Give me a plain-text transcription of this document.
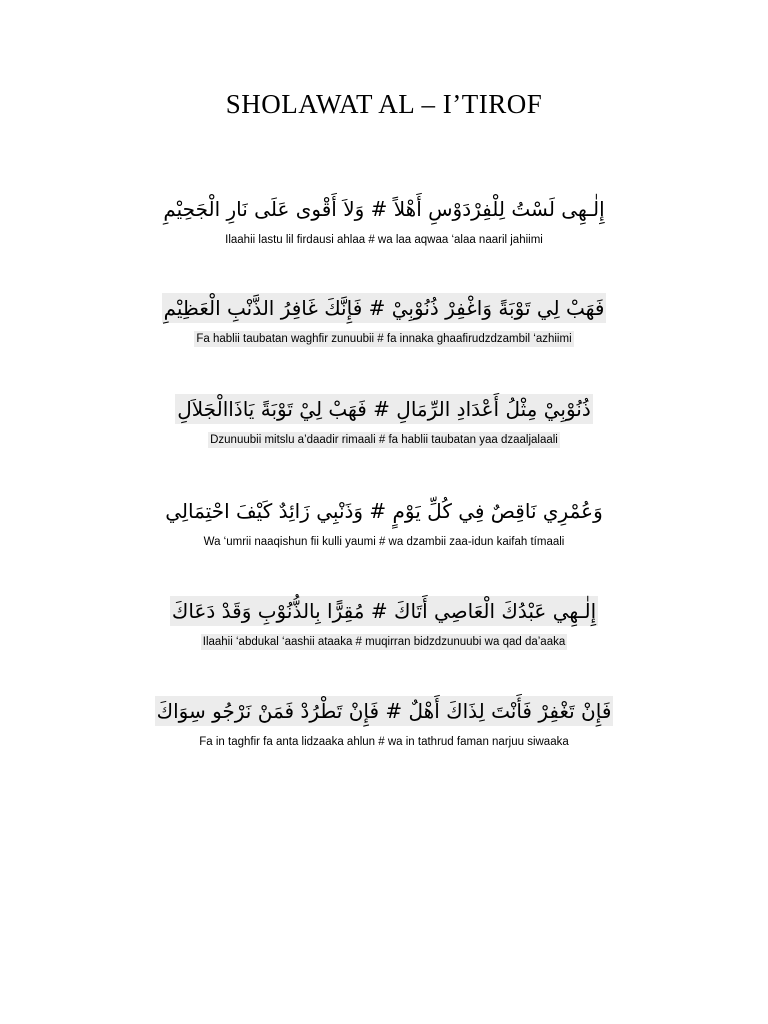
SHOLAWAT AL – I’TIROF
إِلٰـهِى لَسْتُ لِلْفِرْدَوْسِ أَهْلاً # وَلاَ أَقْوى عَلَى نَارِ الْجَحِيْمِ
Ilaahii lastu lil firdausi ahlaa # wa laa aqwaa ‘alaa naaril jahiimi
فَهَبْ لِي تَوْبَةً وَاغْفِرْ ذُنُوْبِيْ # فَإِنَّكَ غَافِرُ الذَّنْبِ الْعَظِيْمِ
Fa hablii taubatan waghfir zunuubii # fa innaka ghaafirudzdzambil ‘azhiimi
ذُنُوْبِيْ مِثْلُ أَعْدَادِ الرِّمَالِ # فَهَبْ لِيْ تَوْبَةً يَاذَاالْجَلاَلِ
Dzunuubii mitslu a’daadir rimaali # fa hablii taubatan yaa dzaaljalaali
وَعُمْرِي نَاقِصٌ فِي كُلِّ يَوْمٍ # وَذَنْبِي زَائِدٌ كَيْفَ احْتِمَالِي
Wa ‘umrii naaqishun fii kulli yaumi # wa dzambii zaa-idun kaifah tímaali
إِلٰـهِي عَبْدُكَ الْعَاصِي أَتَاكَ # مُقِرًّا بِالذُّنُوْبِ وَقَدْ دَعَاكَ
Ilaahii ‘abdukal ‘aashii ataaka # muqirran bidzdzunuubi wa qad da’aaka
فَإِنْ تَغْفِرْ فَأَنْتَ لِذَاكَ أَهْلٌ # فَإِنْ تَطْرُدْ فَمَنْ نَرْجُو سِوَاكَ
Fa in taghfir fa anta lidzaaka ahlun # wa in tathrud faman narjuu siwaaka
